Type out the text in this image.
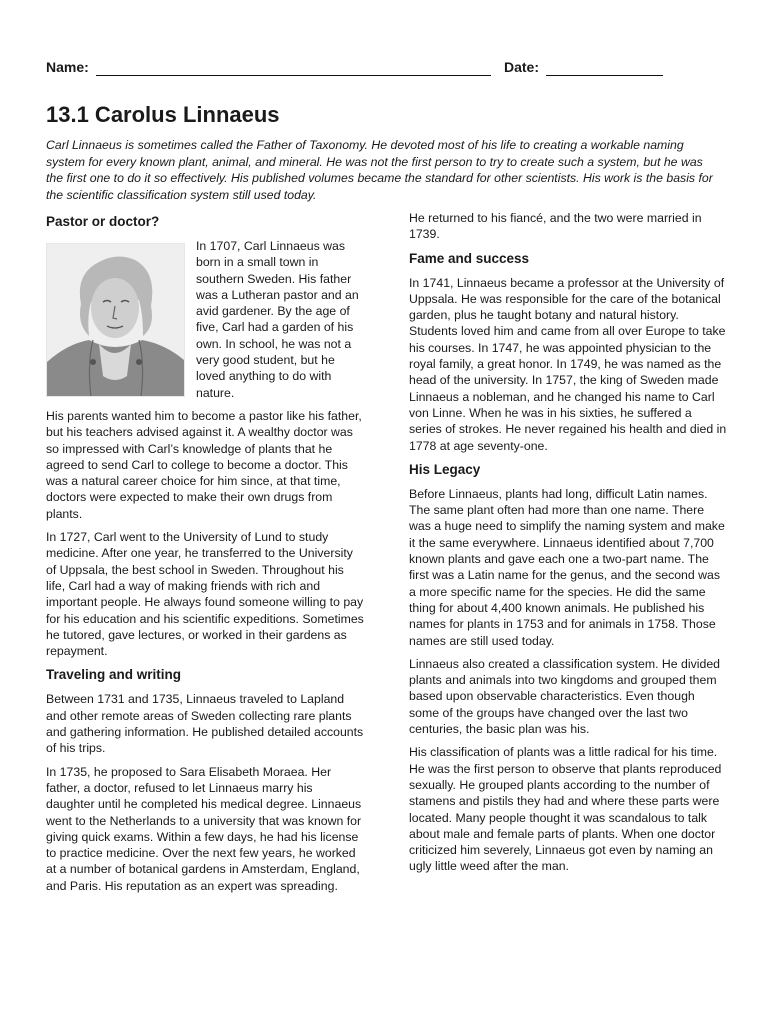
Name:	Date:
13.1 Carolus Linnaeus

Carl Linnaeus is sometimes called the Father of Taxonomy. He devoted most of his life to creating a workable naming system for every known plant, animal, and mineral. He was not the first person to try to create such a system, but he was the first one to do it so effectively. His published volumes became the standard for other scientists. His work is the basis for the scientific classification system still used today.

Pastor or doctor?

In 1707, Carl Linnaeus was born in a small town in southern Sweden. His father was a Lutheran pastor and an avid gardener. By the age of five, Carl had a garden of his own. In school, he was not a very good student, but he loved anything to do with nature.

His parents wanted him to become a pastor like his father, but his teachers advised against it. A wealthy doctor was so impressed with Carl’s knowledge of plants that he agreed to send Carl to college to become a doctor. This was a natural career choice for him since, at that time, doctors were expected to make their own drugs from plants.

In 1727, Carl went to the University of Lund to study medicine. After one year, he transferred to the University of Uppsala, the best school in Sweden. Throughout his life, Carl had a way of making friends with rich and important people. He always found someone willing to pay for his education and his scientific expeditions. Sometimes he tutored, gave lectures, or worked in their gardens as repayment.

Traveling and writing

Between 1731 and 1735, Linnaeus traveled to Lapland and other remote areas of Sweden collecting rare plants and gathering information. He published detailed accounts of his trips.

In 1735, he proposed to Sara Elisabeth Moraea. Her father, a doctor, refused to let Linnaeus marry his daughter until he completed his medical degree. Linnaeus went to the Netherlands to a university that was known for giving quick exams. Within a few days, he had his license to practice medicine. Over the next few years, he worked at a number of botanical gardens in Amsterdam, England, and Paris. His reputation as an expert was spreading.

He returned to his fiancé, and the two were married in 1739.

Fame and success

In 1741, Linnaeus became a professor at the University of Uppsala. He was responsible for the care of the botanical garden, plus he taught botany and natural history. Students loved him and came from all over Europe to take his courses. In 1747, he was appointed physician to the royal family, a great honor. In 1749, he was named as the head of the university. In 1757, the king of Sweden made Linnaeus a nobleman, and he changed his name to Carl von Linne. When he was in his sixties, he suffered a series of strokes. He never regained his health and died in 1778 at age seventy-one.

His Legacy

Before Linnaeus, plants had long, difficult Latin names. The same plant often had more than one name. There was a huge need to simplify the naming system and make it the same everywhere. Linnaeus identified about 7,700 known plants and gave each one a two-part name. The first was a Latin name for the genus, and the second was a more specific name for the species. He did the same thing for about 4,400 known animals. He published his names for plants in 1753 and for animals in 1758. Those names are still used today.

Linnaeus also created a classification system. He divided plants and animals into two kingdoms and grouped them based upon observable characteristics. Even though some of the groups have changed over the last two centuries, the basic plan was his.

His classification of plants was a little radical for his time. He was the first person to observe that plants reproduced sexually. He grouped plants according to the number of stamens and pistils they had and where these parts were located. Many people thought it was scandalous to talk about male and female parts of plants. When one doctor criticized him severely, Linnaeus got even by naming an ugly little weed after the man.
